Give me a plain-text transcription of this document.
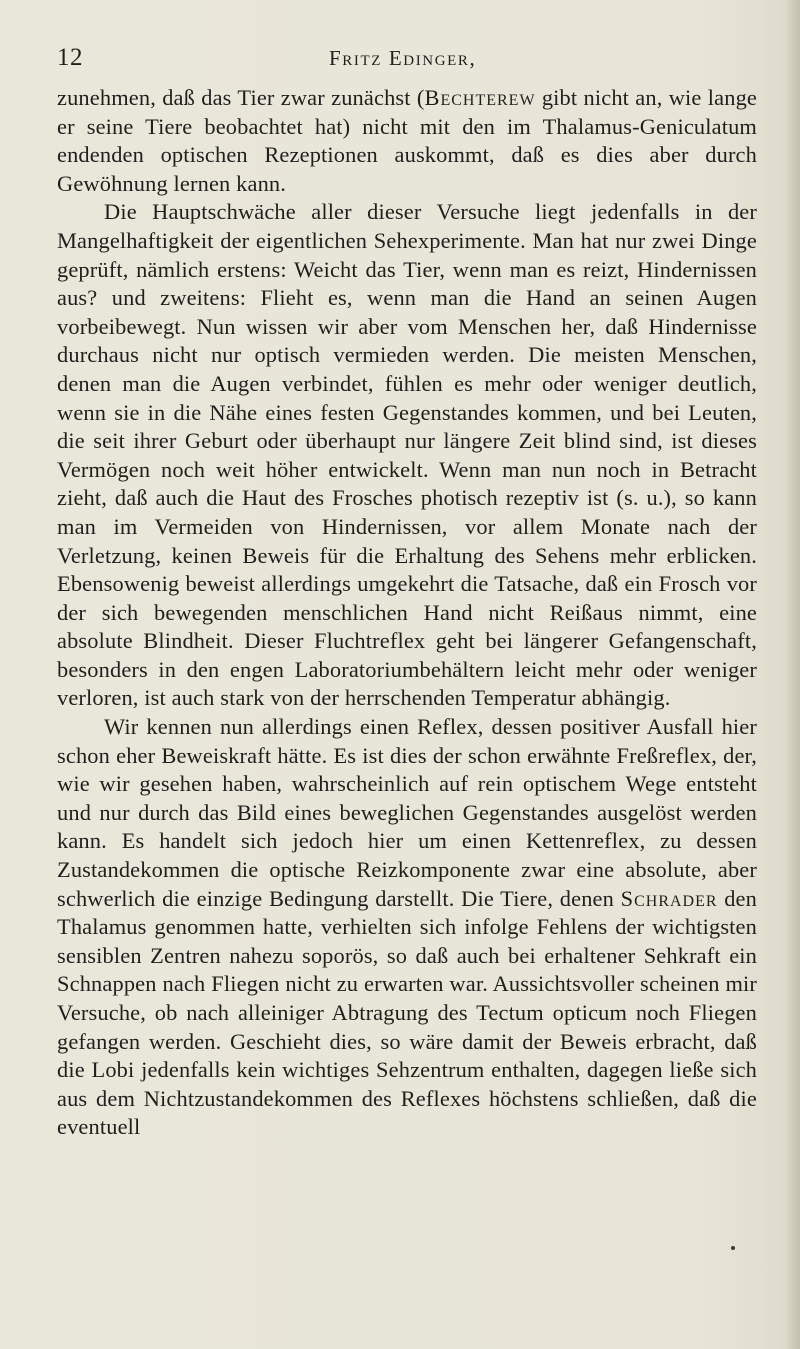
12	Fritz Edinger,

zunehmen, daß das Tier zwar zunächst (Bechterew gibt nicht an, wie lange er seine Tiere beobachtet hat) nicht mit den im Thalamus-Geniculatum endenden optischen Rezeptionen auskommt, daß es dies aber durch Gewöhnung lernen kann.

Die Hauptschwäche aller dieser Versuche liegt jedenfalls in der Mangelhaftigkeit der eigentlichen Sehexperimente. Man hat nur zwei Dinge geprüft, nämlich erstens: Weicht das Tier, wenn man es reizt, Hindernissen aus? und zweitens: Flieht es, wenn man die Hand an seinen Augen vorbeibewegt. Nun wissen wir aber vom Menschen her, daß Hindernisse durchaus nicht nur optisch vermieden werden. Die meisten Menschen, denen man die Augen verbindet, fühlen es mehr oder weniger deutlich, wenn sie in die Nähe eines festen Gegenstandes kommen, und bei Leuten, die seit ihrer Geburt oder überhaupt nur längere Zeit blind sind, ist dieses Vermögen noch weit höher entwickelt. Wenn man nun noch in Betracht zieht, daß auch die Haut des Frosches photisch rezeptiv ist (s. u.), so kann man im Vermeiden von Hindernissen, vor allem Monate nach der Verletzung, keinen Beweis für die Erhaltung des Sehens mehr erblicken. Ebensowenig beweist allerdings umgekehrt die Tatsache, daß ein Frosch vor der sich bewegenden menschlichen Hand nicht Reißaus nimmt, eine absolute Blindheit. Dieser Fluchtreflex geht bei längerer Gefangenschaft, besonders in den engen Laboratoriumbehältern leicht mehr oder weniger verloren, ist auch stark von der herrschenden Temperatur abhängig.

Wir kennen nun allerdings einen Reflex, dessen positiver Ausfall hier schon eher Beweiskraft hätte. Es ist dies der schon erwähnte Freßreflex, der, wie wir gesehen haben, wahrscheinlich auf rein optischem Wege entsteht und nur durch das Bild eines beweglichen Gegenstandes ausgelöst werden kann. Es handelt sich jedoch hier um einen Kettenreflex, zu dessen Zustandekommen die optische Reizkomponente zwar eine absolute, aber schwerlich die einzige Bedingung darstellt. Die Tiere, denen Schrader den Thalamus genommen hatte, verhielten sich infolge Fehlens der wichtigsten sensiblen Zentren nahezu soporös, so daß auch bei erhaltener Sehkraft ein Schnappen nach Fliegen nicht zu erwarten war. Aussichtsvoller scheinen mir Versuche, ob nach alleiniger Abtragung des Tectum opticum noch Fliegen gefangen werden. Geschieht dies, so wäre damit der Beweis erbracht, daß die Lobi jedenfalls kein wichtiges Sehzentrum enthalten, dagegen ließe sich aus dem Nichtzustandekommen des Reflexes höchstens schließen, daß die eventuell
